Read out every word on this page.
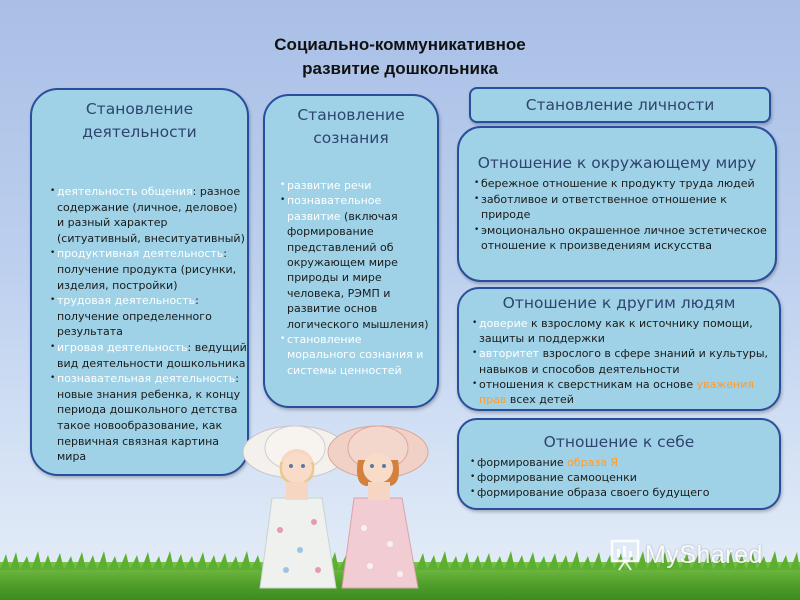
Социально-коммуникативное
развитие дошкольника
Становление
деятельности
• деятельность общения: разное содержание (личное, деловое) и разный характер (ситуативный, внеситуативный)
• продуктивная деятельность: получение продукта (рисунки, изделия, постройки)
• трудовая деятельность: получение определенного результата
• игровая деятельность: ведущий вид деятельности дошкольника
• познавательная деятельность: новые знания ребенка, к концу периода дошкольного детства такое новообразование, как первичная связная картина мира
Становление
сознания
• развитие речи
• познавательное развитие (включая формирование представлений об окружающем мире природы и мире человека, РЭМП и развитие основ логического мышления)
• становление морального сознания и системы ценностей
Становление личности
Отношение к окружающему миру
• бережное отношение к продукту труда людей
• заботливое и ответственное отношение к природе
• эмоционально окрашенное личное эстетическое отношение к произведениям искусства
Отношение к другим людям
• доверие к взрослому как к источнику помощи, защиты и поддержки
• авторитет взрослого в сфере знаний и культуры, навыков и способов деятельности
• отношения к сверстникам на основе уважения прав всех детей
Отношение к себе
• формирование образа Я
• формирование самооценки
• формирование образа своего будущего
MyShared
